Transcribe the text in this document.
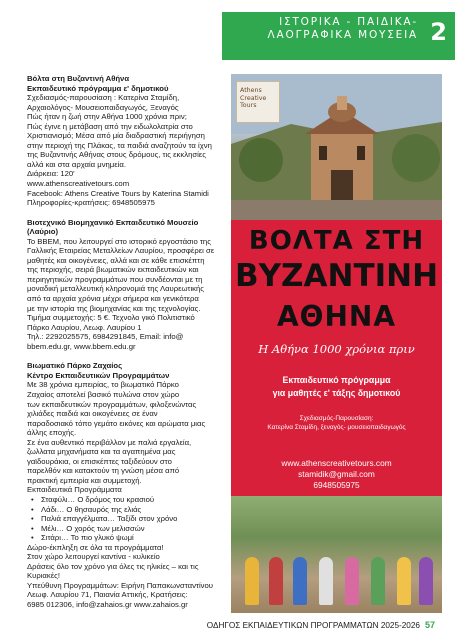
ΙΣΤΟΡΙΚΑ - ΠΑΙΔΙΚΑ-
ΛΑΟΓΡΑΦΙΚΑ ΜΟΥΣΕΙΑ 2

Βόλτα στη Βυζαντινή Αθήνα

Εκπαιδευτικό πρόγραμμα ε' δημοτικού

Σχεδιασμός-παρουσίαση : Κατερίνα Σταμίδη,

Αρχαιολόγος- Μουσειοπαιδαγωγός, Ξεναγός

Πώς ήταν η ζωή στην Αθήνα 1000 χρόνια πριν;

Πώς έγινε η μετάβαση από την ειδωλολατρία στο

Χριστιανισμό; Μέσα από μία διαδραστική περιήγηση

στην περιοχή της Πλάκας, τα παιδιά αναζητούν τα ίχνη

της Βυζαντινής Αθήνας στους δρόμους, τις εκκλησίες

αλλά και στα αρχαία μνημεία.

Διάρκεια: 120'

www.athenscreativetours.com

Facebook: Athens Creative Tours by Katerina Stamidi

Πληροφορίες-κρατήσεις: 6948505975

Βιοτεχνικό Βιομηχανικό Εκπαιδευτικό Μουσείο

(Λαύριο)

Το ΒΒΕΜ, που λειτουργεί στο ιστορικό εργοστάσιο της

Γαλλικής Εταιρείας Μεταλλείων Λαυρίου, προσφέρει σε

μαθητές και οικογένειες, αλλά και σε κάθε επισκέπτη

της περιοχής, σειρά βιωματικών εκπαιδευτικών και

περιηγητικών προγραμμάτων που συνδέονται με τη

μοναδική μεταλλευτική κληρονομιά της Λαυρεωτικής

από τα αρχαία χρόνια μέχρι σήμερα και γενικότερα

με την ιστορία της βιομηχανίας και της τεχνολογίας.

Τιμήμα συμμετοχής: 5 €. Τεχνολο γικό Πολιτιστικό

Πάρκο Λαυρίου, Λεωφ. Λαυρίου 1

Τηλ.: 2292025575, 6984291845, Email: info@

bbem.edu.gr, www.bbem.edu.gr

Βιωματικό Πάρκο Ζαχαίος

Κέντρο Εκπαιδευτικών Προγραμμάτων

Με 38 χρόνια εμπειρίας, το βιωματικό Πάρκο

Ζαχαίος αποτελεί βασικό πυλώνα στον χώρο

των εκπαιδευτικών προγραμμάτων, φιλοξενώντας

χιλιάδες παιδιά και οικογένειες σε έναν

παραδοσιακό τόπο γεμάτο εικόνες και αρώματα μιας

άλλης εποχής.

Σε ένα αυθεντικό περιβάλλον με παλιά εργαλεία,

ζωλλατα μηχανήματα και τα αγαπημένα μας

γαϊδουράκια, οι επισκέπτες ταξιδεύουν στο

παρελθόν και κατακτούν τη γνώση μέσα από

πρακτική εμπειρία και συμμετοχή.

Εκπαιδευτικά Προγράμματα

• Σταφύλι… Ο δρόμος του κρασιού

• Λάδι… Ο θησαυρός της ελιάς

• Παλιά επαγγέλματα… Ταξίδι στον χρόνο

• Μέλι… Ο χορός των μελισσών

• Σιτάρι… Το πιο γλυκό ψωμί

Δώρο-έκπληξη σε όλα τα προγράμματα!

Στον χώρο λειτουργεί καντίνα - κυλικείο

Δράσεις όλο τον χρόνο για όλες τις ηλικίες – και τις

Κυριακές!

Υπεύθυνη Προγραμμάτων: Ειρήνη Παπακωνσταντίνου

Λεωφ. Λαυρίου 71, Παιανία Αττικής, Κρατήσεις:

6985 012306, info@zahaios.gr www.zahaios.gr

Athens
Creative
Tours
ΒΟΛΤΑ ΣΤΗ
ΒΥΖΑΝΤΙΝΗ
ΑΘΗΝΑ
Η Αθήνα 1000 χρόνια πριν
Εκπαιδευτικό πρόγραμμα
για μαθητές ε' τάξης δημοτικού
Σχεδιασμός-Παρουσίαση:
Κατερίνα Σταμίδη, ξεναγός- μουσειοπαιδαγωγός
www.athenscreativetours.com
stamidik@gmail.com
6948505975
ΟΔΗΓΟΣ ΕΚΠΑΙΔΕΥΤΙΚΩΝ ΠΡΟΓΡΑΜΜΑΤΩΝ 2025-2026 57
